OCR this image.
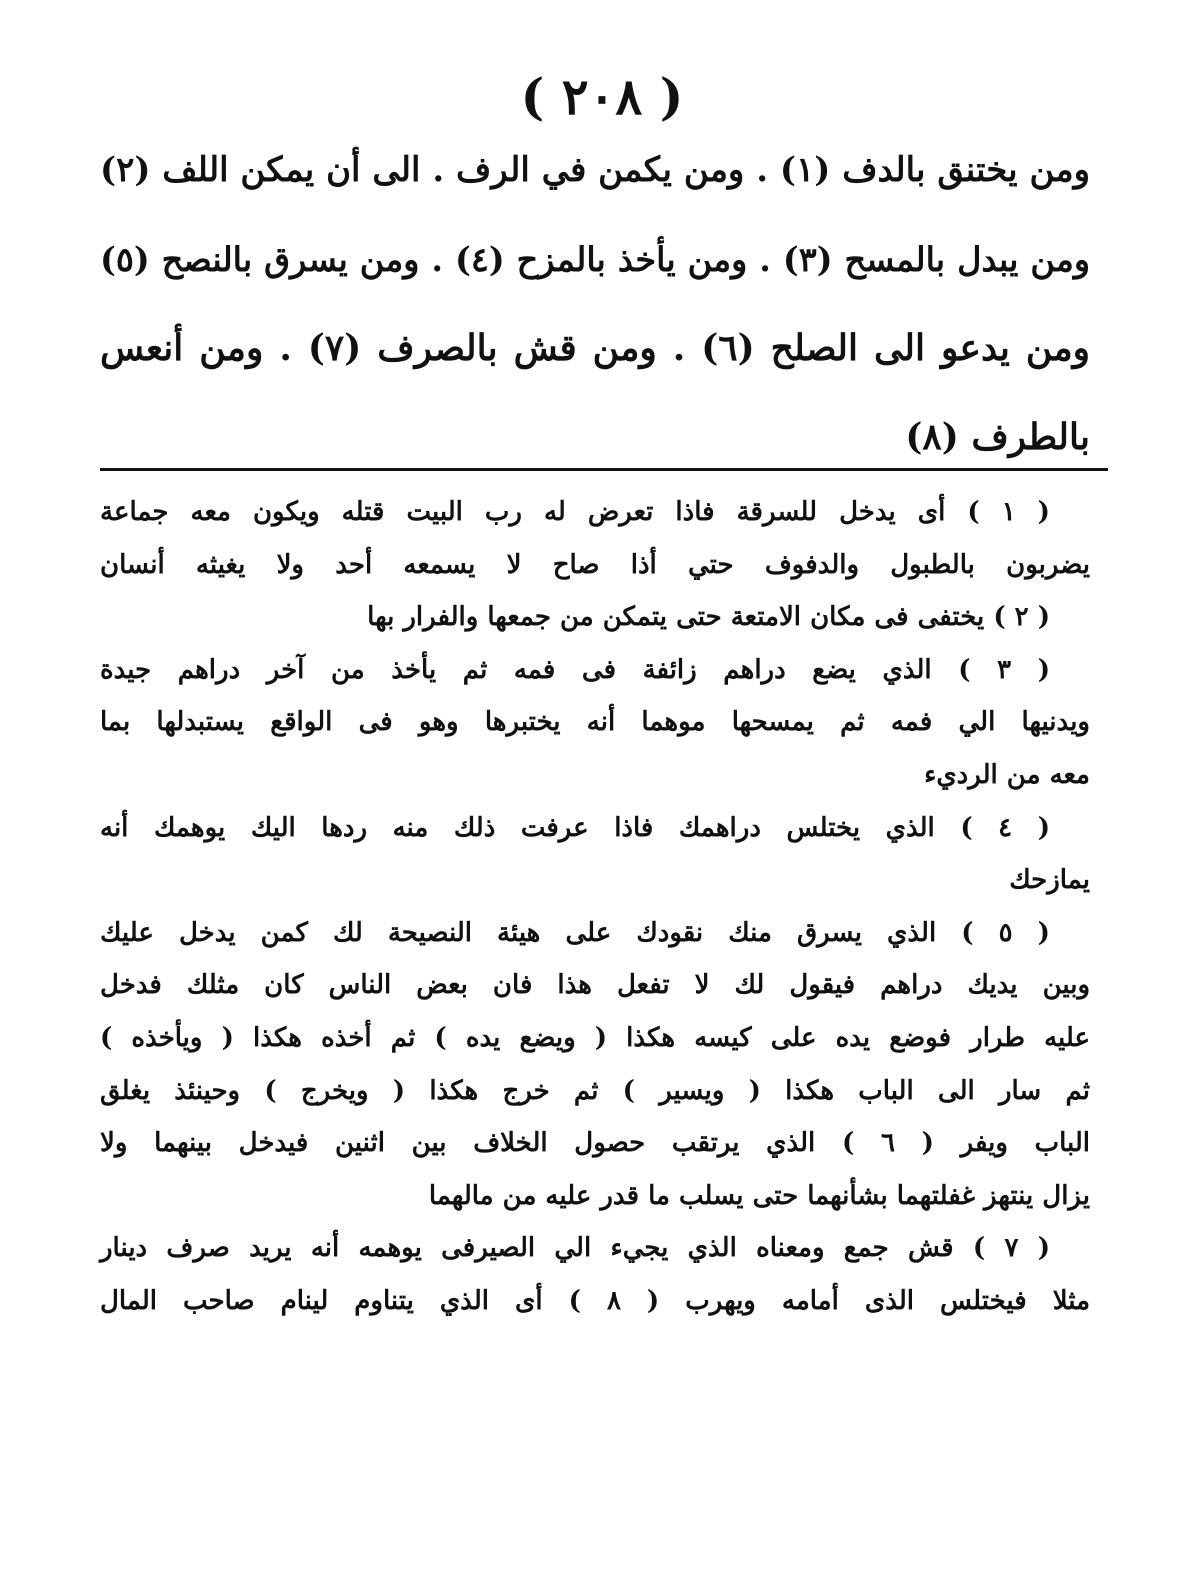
( ٢٠٨ )
ومن يختنق بالدف (١) . ومن يكمن في الرف . الى أن يمكن اللف (٢)
ومن يبدل بالمسح (٣) . ومن يأخذ بالمزح (٤) . ومن يسرق بالنصح (٥)
ومن يدعو الى الصلح (٦) . ومن قش بالصرف (٧) . ومن أنعس
بالطرف (٨)
( ١ ) أى يدخل للسرقة فاذا تعرض له رب البيت قتله ويكون معه جماعة
يضربون بالطبول والدفوف حتي أذا صاح لا يسمعه أحد ولا يغيثه أنسان
( ٢ ) يختفى فى مكان الامتعة حتى يتمكن من جمعها والفرار بها
( ٣ ) الذي يضع دراهم زائفة فى فمه ثم يأخذ من آخر دراهم جيدة
ويدنيها الي فمه ثم يمسحها موهما أنه يختبرها وهو فى الواقع يستبدلها بما
معه من الرديء
( ٤ ) الذي يختلس دراهمك فاذا عرفت ذلك منه ردها اليك يوهمك أنه
يمازحك
( ٥ ) الذي يسرق منك نقودك على هيئة النصيحة لك كمن يدخل عليك
وبين يديك دراهم فيقول لك لا تفعل هذا فان بعض الناس كان مثلك فدخل
عليه طرار فوضع يده على كيسه هكذا ( ويضع يده ) ثم أخذه هكذا ( ويأخذه )
ثم سار الى الباب هكذا ( ويسير ) ثم خرج هكذا ( ويخرج ) وحينئذ يغلق
الباب ويفر ( ٦ ) الذي يرتقب حصول الخلاف بين اثنين فيدخل بينهما ولا
يزال ينتهز غفلتهما بشأنهما حتى يسلب ما قدر عليه من مالهما
( ٧ ) قش جمع ومعناه الذي يجيء الي الصيرفى يوهمه أنه يريد صرف دينار
مثلا فيختلس الذى أمامه ويهرب ( ٨ ) أى الذي يتناوم لينام صاحب المال
